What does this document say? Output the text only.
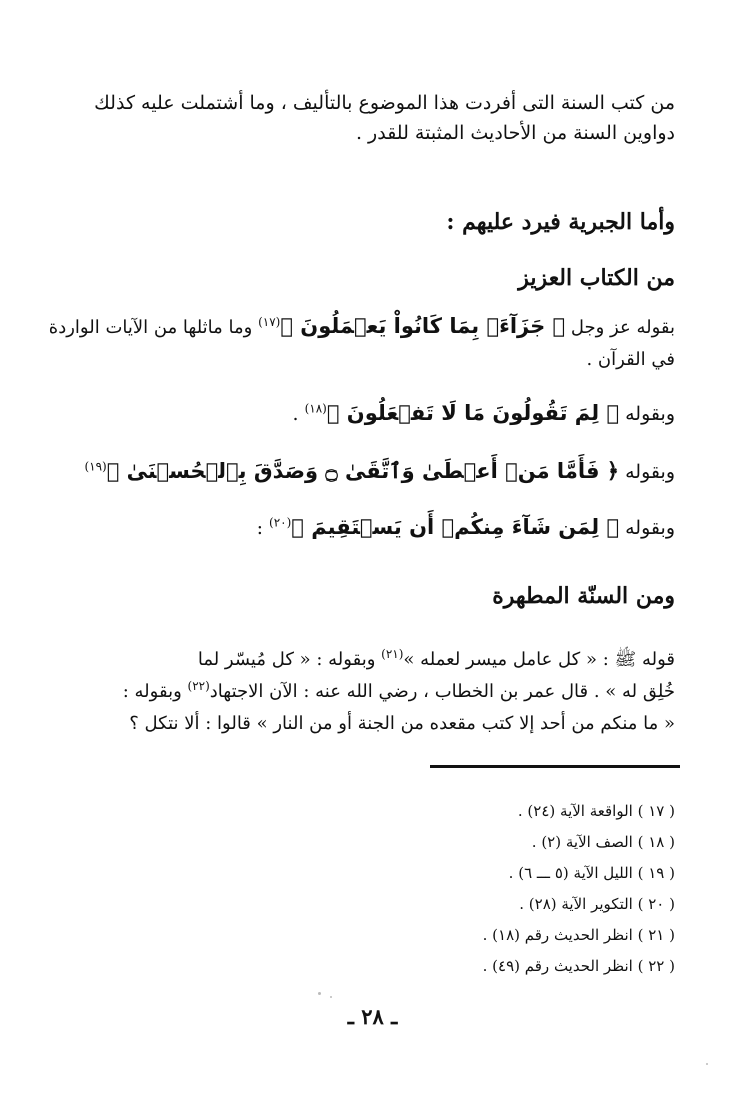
من كتب السنة التى أفردت هذا الموضوع بالتأليف ، وما أشتملت عليه كذلك
دواوين السنة من الأحاديث المثبتة للقدر .
وأما الجبرية فيرد عليهم :
من الكتاب العزيز
بقوله عز وجل ﴿ جَزَآءَۢ بِمَا كَانُواْ يَعۡمَلُونَ ﴾$^{(١٧)}$ وما ماثلها من الآيات الواردة
في القرآن .
وبقوله ﴿ لِمَ تَقُولُونَ مَا لَا تَفۡعَلُونَ ﴾$^{(١٨)}$ .
وبقوله ﴿ فَأَمَّا مَنۡ أَعۡطَىٰ وَٱتَّقَىٰ ۝ وَصَدَّقَ بِٱلۡحُسۡنَىٰ ﴾$^{(١٩)}$
وبقوله ﴿ لِمَن شَآءَ مِنكُمۡ أَن يَسۡتَقِيمَ ﴾$^{(٢٠)}$ :
ومن السنّة المطهرة
قوله ﷺ : « كل عامل ميسر لعمله »$^{(٢١)}$ وبقوله : « كل مُيسّر لما
خُلِق له » . قال عمر بن الخطاب ، رضي الله عنه : الآن الاجتهاد$^{(٢٢)}$ وبقوله :
« ما منكم من أحد إلا كتب مقعده من الجنة أو من النار » قالوا : ألا نتكل ؟
( ١٧ ) الواقعة الآية (٢٤) .
( ١٨ ) الصف الآية (٢) .
( ١٩ ) الليل الآية (٥ ـــ ٦) .
( ٢٠ ) التكوير الآية (٢٨) .
( ٢١ ) انظر الحديث رقم (١٨) .
( ٢٢ ) انظر الحديث رقم (٤٩) .
ـ ٢٨ ـ
